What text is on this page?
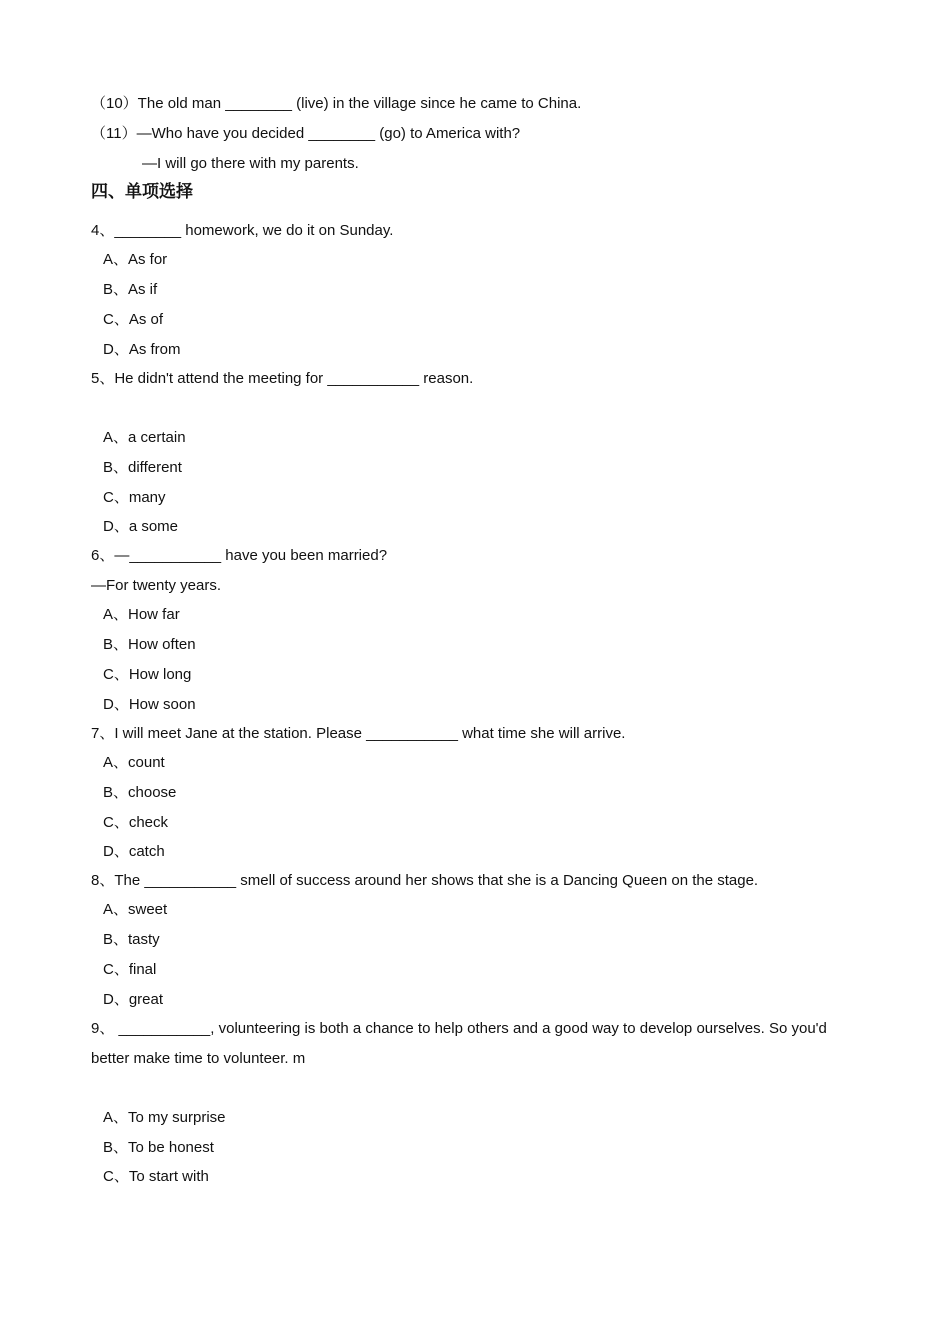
（10）The old man ________ (live) in the village since he came to China.
（11）—Who have you decided ________ (go) to America with?
—I will go there with my parents.
四、单项选择
4、________ homework, we do it on Sunday.
A、As for
B、As if
C、As of
D、As from
5、He didn't attend the meeting for ___________ reason.
A、a certain
B、different
C、many
D、a some
6、—___________ have you been married?
—For twenty years.
A、How far
B、How often
C、How long
D、How soon
7、I will meet Jane at the station. Please ___________ what time she will arrive.
A、count
B、choose
C、check
D、catch
8、The ___________ smell of success around her shows that she is a Dancing Queen on the stage.
A、sweet
B、tasty
C、final
D、great
9、 ___________, volunteering is both a chance to help others and a good way to develop ourselves. So you'd
better make time to volunteer. m
A、To my surprise
B、To be honest
C、To start with
